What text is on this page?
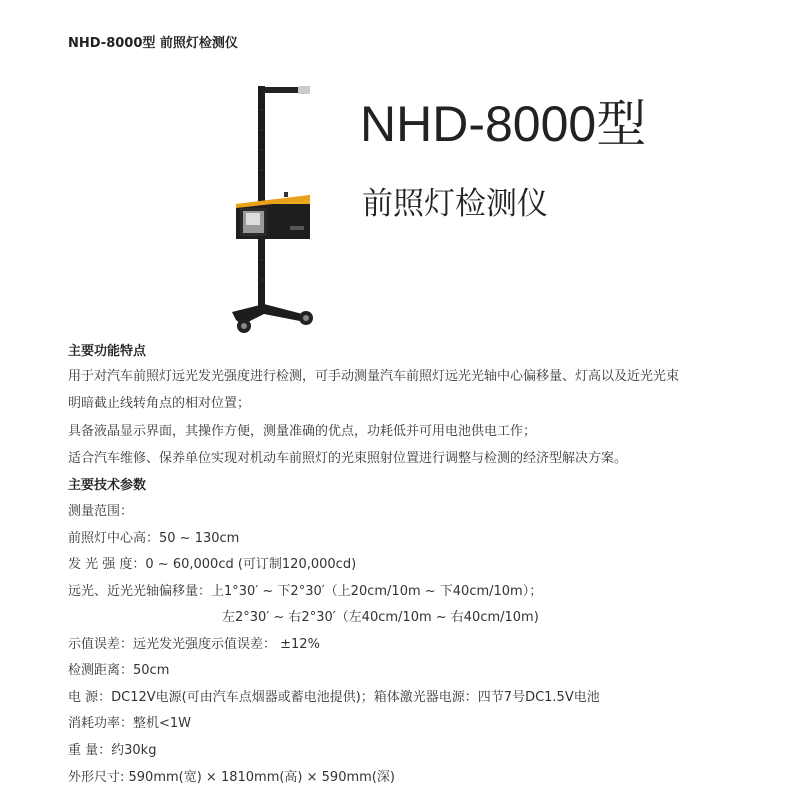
NHD-8000型 前照灯检测仪
NHD-8000型
前照灯检测仪
主要功能特点
用于对汽车前照灯远光发光强度进行检测，可手动测量汽车前照灯远光光轴中心偏移量、灯高以及近光光束
明暗截止线转角点的相对位置；
具备液晶显示界面，其操作方便，测量准确的优点，功耗低并可用电池供电工作；
适合汽车维修、保养单位实现对机动车前照灯的光束照射位置进行调整与检测的经济型解决方案。
主要技术参数
测量范围：
前照灯中心高：50 ~ 130cm
发 光 强 度：0 ~ 60,000cd (可订制120,000cd)
远光、近光光轴偏移量：上1°30′ ~ 下2°30′（上20cm/10m ~ 下40cm/10m）；
左2°30′ ~ 右2°30′（左40cm/10m ~ 右40cm/10m)
示值误差：远光发光强度示值误差： ±12%
检测距离：50cm
电 源：DC12V电源(可由汽车点烟器或蓄电池提供)；箱体激光器电源：四节7号DC1.5V电池
消耗功率：整机<1W
重 量：约30kg
外形尺寸: 590mm(宽) × 1810mm(高) × 590mm(深)
